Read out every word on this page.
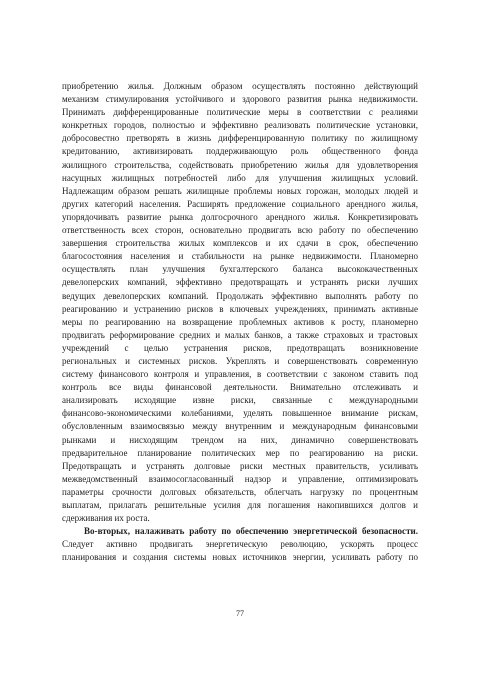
приобретению жилья. Должным образом осуществлять постоянно действующий
механизм стимулирования устойчивого и здорового развития рынка недвижимости.
Принимать дифференцированные политические меры в соответствии с реалиями
конкретных городов, полностью и эффективно реализовать политические установки,
добросовестно претворять в жизнь дифференцированную политику по жилищному
кредитованию, активизировать поддерживающую роль общественного фонда
жилищного строительства, содействовать приобретению жилья для удовлетворения
насущных жилищных потребностей либо для улучшения жилищных условий.
Надлежащим образом решать жилищные проблемы новых горожан, молодых людей и
других категорий населения. Расширять предложение социального арендного жилья,
упорядочивать развитие рынка долгосрочного арендного жилья. Конкретизировать
ответственность всех сторон, основательно продвигать всю работу по обеспечению
завершения строительства жилых комплексов и их сдачи в срок, обеспечению
благосостояния населения и стабильности на рынке недвижимости. Планомерно
осуществлять план улучшения бухгалтерского баланса высококачественных
девелоперских компаний, эффективно предотвращать и устранять риски лучших
ведущих девелоперских компаний. Продолжать эффективно выполнять работу по
реагированию и устранению рисков в ключевых учреждениях, принимать активные
меры по реагированию на возвращение проблемных активов к росту, планомерно
продвигать реформирование средних и малых банков, а также страховых и трастовых
учреждений с целью устранения рисков, предотвращать возникновение
региональных и системных рисков. Укреплять и совершенствовать современную
систему финансового контроля и управления, в соответствии с законом ставить под
контроль все виды финансовой деятельности. Внимательно отслеживать и
анализировать исходящие извне риски, связанные с международными
финансово-экономическими колебаниями, уделять повышенное внимание рискам,
обусловленным взаимосвязью между внутренним и международным финансовыми
рынками и нисходящим трендом на них, динамично совершенствовать
предварительное планирование политических мер по реагированию на риски.
Предотвращать и устранять долговые риски местных правительств, усиливать
межведомственный взаимосогласованный надзор и управление, оптимизировать
параметры срочности долговых обязательств, облегчать нагрузку по процентным
выплатам, прилагать решительные усилия для погашения накопившихся долгов и
сдерживания их роста.
Во-вторых, налаживать работу по обеспечению энергетической безопасности.
Следует активно продвигать энергетическую революцию, ускорять процесс
планирования и создания системы новых источников энергии, усиливать работу по
77
